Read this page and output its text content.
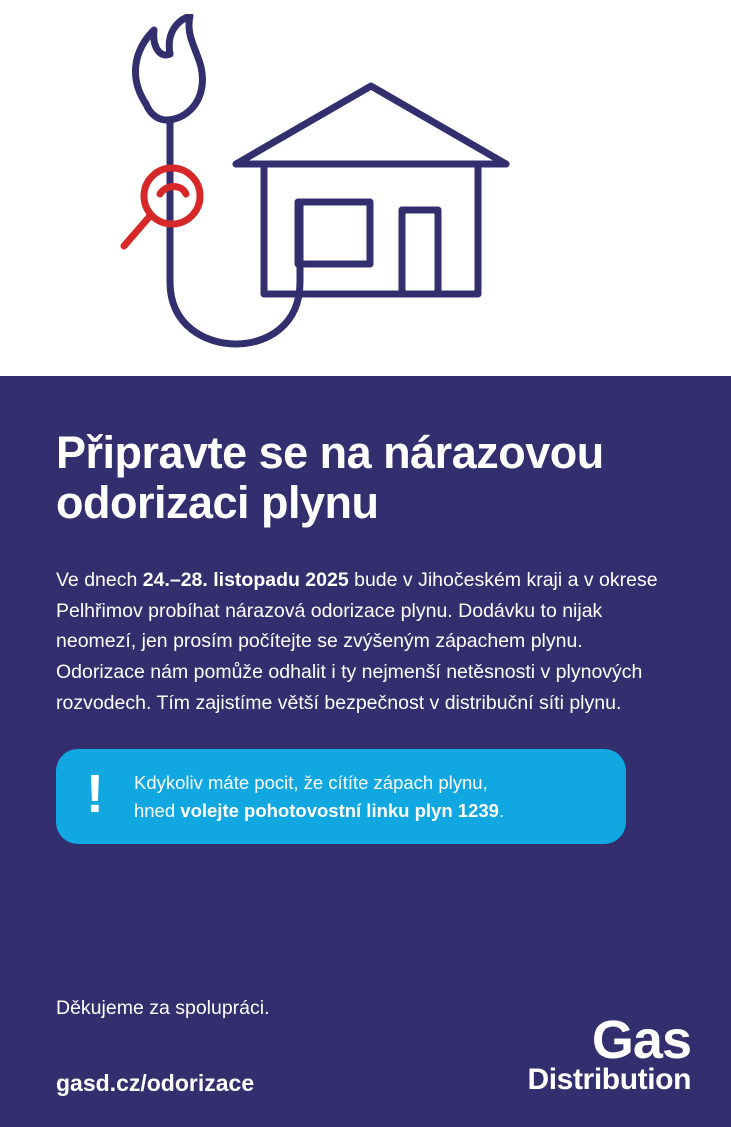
Připravte se na nárazovou odorizaci plynu

Ve dnech 24.–28. listopadu 2025 bude v Jihočeském kraji a v okrese Pelhřimov probíhat nárazová odorizace plynu. Dodávku to nijak neomezí, jen prosím počítejte se zvýšeným zápachem plynu. Odorizace nám pomůže odhalit i ty nejmenší netěsnosti v plynových rozvodech. Tím zajistíme větší bezpečnost v distribuční síti plynu.

!	Kdykoliv máte pocit, že cítíte zápach plynu,
hned volejte pohotovostní linku plyn 1239.
Děkujeme za spolupráci.
gasd.cz/odorizace
Gas
Distribution
